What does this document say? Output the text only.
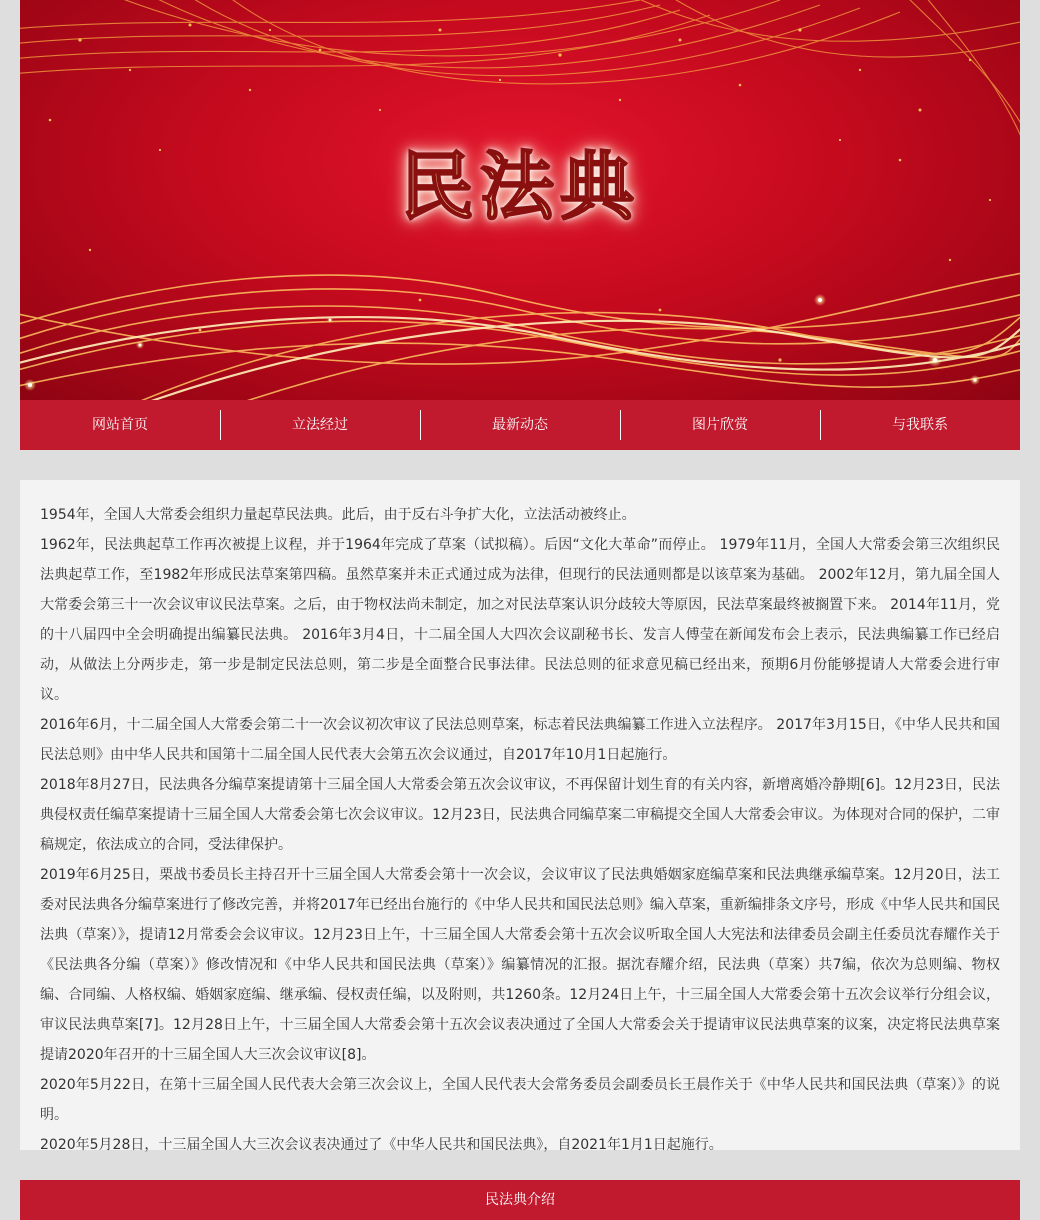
民法典
网站首页	立法经过	最新动态	图片欣赏	与我联系

1954年，全国人大常委会组织力量起草民法典。此后，由于反右斗争扩大化，立法活动被终止。

1962年，民法典起草工作再次被提上议程，并于1964年完成了草案（试拟稿）。后因“文化大革命”而停止。 1979年11月，全国人大常委会第三次组织民法典起草工作，至1982年形成民法草案第四稿。虽然草案并未正式通过成为法律，但现行的民法通则都是以该草案为基础。 2002年12月，第九届全国人大常委会第三十一次会议审议民法草案。之后，由于物权法尚未制定，加之对民法草案认识分歧较大等原因，民法草案最终被搁置下来。 2014年11月，党的十八届四中全会明确提出编纂民法典。 2016年3月4日，十二届全国人大四次会议副秘书长、发言人傅莹在新闻发布会上表示，民法典编纂工作已经启动，从做法上分两步走，第一步是制定民法总则，第二步是全面整合民事法律。民法总则的征求意见稿已经出来，预期6月份能够提请人大常委会进行审议。

2016年6月，十二届全国人大常委会第二十一次会议初次审议了民法总则草案，标志着民法典编纂工作进入立法程序。 2017年3月15日，《中华人民共和国民法总则》由中华人民共和国第十二届全国人民代表大会第五次会议通过，自2017年10月1日起施行。

2018年8月27日，民法典各分编草案提请第十三届全国人大常委会第五次会议审议，不再保留计划生育的有关内容，新增离婚冷静期[6]。12月23日，民法典侵权责任编草案提请十三届全国人大常委会第七次会议审议。12月23日，民法典合同编草案二审稿提交全国人大常委会审议。为体现对合同的保护，二审稿规定，依法成立的合同，受法律保护。

2019年6月25日，栗战书委员长主持召开十三届全国人大常委会第十一次会议，会议审议了民法典婚姻家庭编草案和民法典继承编草案。12月20日，法工委对民法典各分编草案进行了修改完善，并将2017年已经出台施行的《中华人民共和国民法总则》编入草案，重新编排条文序号，形成《中华人民共和国民法典（草案）》，提请12月常委会会议审议。12月23日上午，十三届全国人大常委会第十五次会议听取全国人大宪法和法律委员会副主任委员沈春耀作关于《民法典各分编（草案）》修改情况和《中华人民共和国民法典（草案）》编纂情况的汇报。据沈春耀介绍，民法典（草案）共7编，依次为总则编、物权编、合同编、人格权编、婚姻家庭编、继承编、侵权责任编，以及附则，共1260条。12月24日上午，十三届全国人大常委会第十五次会议举行分组会议，审议民法典草案[7]。12月28日上午，十三届全国人大常委会第十五次会议表决通过了全国人大常委会关于提请审议民法典草案的议案，决定将民法典草案提请2020年召开的十三届全国人大三次会议审议[8]。

2020年5月22日，在第十三届全国人民代表大会第三次会议上，全国人民代表大会常务委员会副委员长王晨作关于《中华人民共和国民法典（草案）》的说明。

2020年5月28日，十三届全国人大三次会议表决通过了《中华人民共和国民法典》，自2021年1月1日起施行。

民法典介绍
